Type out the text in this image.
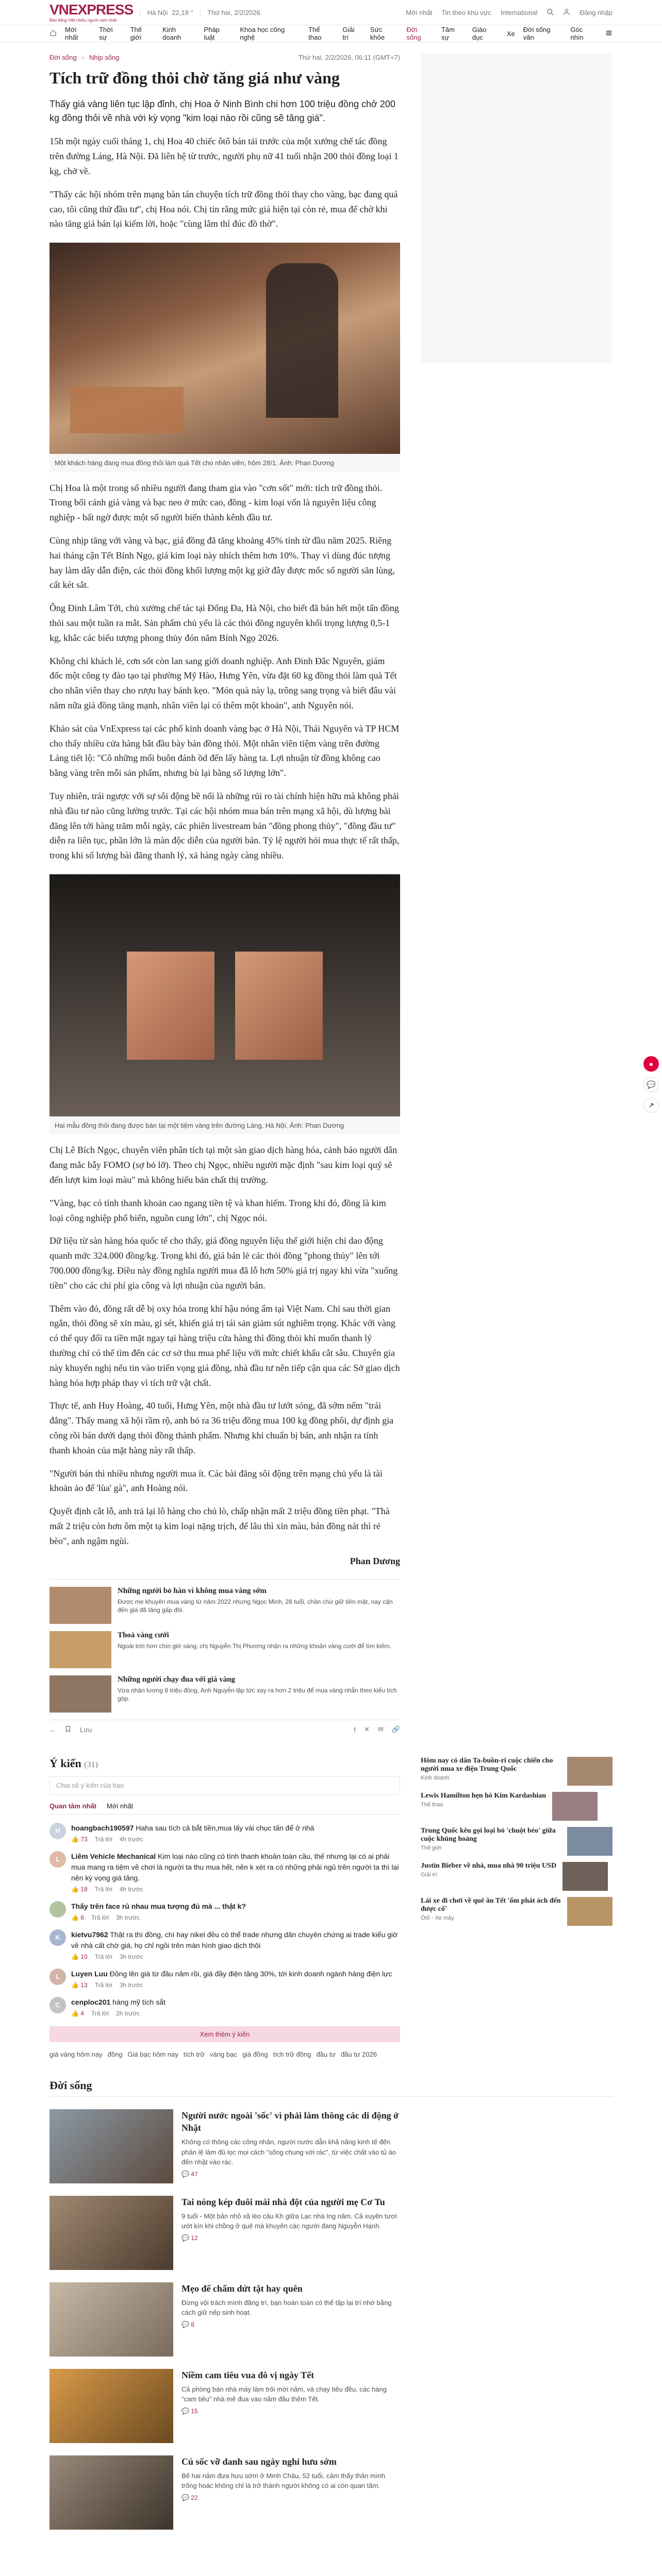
VNEXPRESS
Báo tiếng Việt nhiều người xem nhất
| Hà Nội 22,19 ° | Thứ hai, 2/2/2026	Mới nhất Tin theo khu vực International	Đăng nhập
Mới nhất
Thời sự
Thế giới
Kinh doanh
Pháp luật
Khoa học công nghệ
Thể thao
Giải trí
Sức khỏe
Đời sống
Tâm sự
Giáo dục	Xe Đời sống vân
Góc nhìn
Đời sống › Nhịp sống	Thứ hai, 2/2/2026, 06:11 (GMT+7)
Tích trữ đồng thỏi chờ tăng giá như vàng

Thấy giá vàng liên tục lập đỉnh, chị Hoa ở Ninh Bình chi hơn 100 triệu đồng chở 200 kg đồng thỏi về nhà với kỳ vọng "kim loại nào rồi cũng sẽ tăng giá".

15h một ngày cuối tháng 1, chị Hoa 40 chiếc ôtô bán tải trước của một xưởng chế tác đồng trên đường Láng, Hà Nội. Đã liên hệ từ trước, người phụ nữ 41 tuổi nhận 200 thỏi đồng loại 1 kg, chở về.

"Thấy các hội nhóm trên mạng bàn tán chuyện tích trữ đồng thỏi thay cho vàng, bạc đang quá cao, tôi cũng thử đầu tư", chị Hoa nói. Chị tin rằng mức giá hiện tại còn rẻ, mua để chờ khi nào tăng giá bán lại kiếm lời, hoặc "cùng lắm thì đúc đồ thờ".

Một khách hàng đang mua đồng thỏi làm quà Tết cho nhân viên, hôm 28/1. Ảnh: Phan Dương

Chị Hoa là một trong số nhiều người đang tham gia vào "cơn sốt" mới: tích trữ đồng thỏi. Trong bối cảnh giá vàng và bạc neo ở mức cao, đồng - kim loại vốn là nguyên liệu công nghiệp - bất ngờ được một số người biến thành kênh đầu tư.

Cùng nhịp tăng với vàng và bạc, giá đồng đã tăng khoảng 45% tính từ đầu năm 2025. Riêng hai tháng cận Tết Bính Ngọ, giá kim loại này nhích thêm hơn 10%. Thay vì dùng đúc tượng hay làm dây dẫn điện, các thỏi đồng khối lượng một kg giờ đây được mốc số người săn lùng, cất két sắt.

Ông Đinh Lâm Tới, chủ xưởng chế tác tại Đống Đa, Hà Nội, cho biết đã bán hết một tấn đồng thỏi sau một tuần ra mắt. Sản phẩm chủ yếu là các thỏi đồng nguyên khối trọng lượng 0,5-1 kg, khắc các biểu tượng phong thủy đón năm Bính Ngọ 2026.

Không chỉ khách lẻ, cơn sốt còn lan sang giới doanh nghiệp. Anh Đinh Đắc Nguyên, giám đốc một công ty đào tạo tại phường Mỹ Hào, Hưng Yên, vừa đặt 60 kg đồng thỏi làm quà Tết cho nhân viên thay cho rượu hay bánh kẹo. "Món quà này lạ, trông sang trọng và biết đâu vài năm nữa giá đồng tăng mạnh, nhân viên lại có thêm một khoản", anh Nguyên nói.

Khảo sát của VnExpress tại các phố kinh doanh vàng bạc ở Hà Nội, Thái Nguyên và TP HCM cho thấy nhiều cửa hàng bắt đầu bày bán đồng thỏi. Một nhân viên tiệm vàng trên đường Láng tiết lộ: "Cô những mối buôn đánh ồd đến lấy hàng ta. Lợi nhuận từ đồng không cao bằng vàng trên mỗi sản phẩm, nhưng bù lại bằng số lượng lớn".

Tuy nhiên, trái ngược với sự sôi động bề nổi là những rủi ro tài chính hiện hữu mà không phải nhà đầu tư nào cũng lường trước. Tại các hội nhóm mua bán trên mạng xã hội, dù lượng bài đăng lên tới hàng trăm mỗi ngày, các phiên livestream bán "đồng phong thủy", "đồng đầu tư" diễn ra liên tục, phần lớn là màn độc diễn của người bán. Tỷ lệ người hỏi mua thực tế rất thấp, trong khi số lượng bài đăng thanh lý, xả hàng ngày càng nhiều.

Hai mẫu đồng thỏi đang được bán tại một tiệm vàng trên đường Láng, Hà Nội. Ảnh: Phan Dương

Chị Lê Bích Ngọc, chuyên viên phân tích tại một sàn giao dịch hàng hóa, cảnh báo người dân đang mắc bẫy FOMO (sợ bỏ lỡ). Theo chị Ngọc, nhiều người mặc định "sau kim loại quý sẽ đến lượt kim loại màu" mà không hiểu bản chất thị trường.

"Vàng, bạc có tính thanh khoản cao ngang tiền tệ và khan hiếm. Trong khi đó, đồng là kim loại công nghiệp phổ biến, nguồn cung lớn", chị Ngọc nói.

Dữ liệu từ sàn hàng hóa quốc tế cho thấy, giá đồng nguyên liệu thế giới hiện chỉ dao động quanh mức 324.000 đồng/kg. Trong khi đó, giá bán lẻ các thỏi đồng "phong thủy" lên tới 700.000 đồng/kg. Điều này đồng nghĩa người mua đã lỗ hơn 50% giá trị ngay khi vừa "xuống tiền" cho các chi phí gia công và lợi nhuận của người bán.

Thêm vào đó, đồng rất dễ bị oxy hóa trong khí hậu nóng ẩm tại Việt Nam. Chỉ sau thời gian ngắn, thỏi đồng sẽ xỉn màu, gỉ sét, khiến giá trị tái sản giảm sút nghiêm trọng. Khác với vàng có thể quy đổi ra tiền mặt ngay tại hàng triệu cửa hàng thì đồng thỏi khi muốn thanh lý thường chỉ có thể tìm đến các cơ sở thu mua phế liệu với mức chiết khấu cắt sâu. Chuyên gia này khuyến nghị nếu tin vào triển vọng giá đồng, nhà đầu tư nên tiếp cận qua các Sở giao dịch hàng hóa hợp pháp thay vì tích trữ vật chất.

Thực tế, anh Huy Hoàng, 40 tuổi, Hưng Yên, một nhà đầu tư lướt sóng, đã sớm nếm "trái đắng". Thấy mang xã hội rầm rộ, anh bỏ ra 36 triệu đồng mua 100 kg đồng phôi, dự định gia công rồi bán dưới dạng thỏi đồng thành phẩm. Nhưng khi chuẩn bị bán, anh nhận ra tính thanh khoản của mặt hàng này rất thấp.

"Người bán thì nhiều nhưng người mua ít. Các bài đăng sôi động trên mạng chủ yếu là tài khoản ảo để 'lùa' gà", anh Hoàng nói.

Quyết định cắt lỗ, anh trả lại lô hàng cho chủ lò, chấp nhận mất 2 triệu đồng tiền phạt. "Thà mất 2 triệu còn hơn ôm một tạ kim loại nặng trịch, để lâu thì xỉn màu, bán đồng nát thì rẻ bèo", anh ngậm ngùi.

Phan Dương

Những người bỏ hàn vì không mua vàng sớm
Được mẹ khuyên mua vàng từ năm 2022 nhưng Ngọc Minh, 28 tuổi, chần chừ giữ tiền mặt, nay cận đến giá đã tăng gấp đôi.
Thoả vàng cưới
Ngoài trời hơn chín giờ sáng, chị Nguyễn Thị Phương nhận ra những khoản vàng cưới để tìm kiếm.
Những người chạy đua với giá vàng
Vừa nhận lương 8 triệu đồng, Anh Nguyễn lập tức xay ra hơn 2 triệu để mua vàng nhẫn theo kiểu tích góp.
←	Lưu	f ✕ ✉ 🔗
Ý kiến (31)
Chia sẻ ý kiến của bạn
Quan tâm nhất Mới nhất
H	hoangbach190597 Haha sau tích cả bắt tiền,mua lấy vài chục tấn để ở nhà
👍 73 Trả lời 4h trước
L	Liêm Vehicle Mechanical Kim loại nào cũng có tính thanh khoản toàn cầu, thế nhưng lại có ai phải mua mang ra tiệm vẽ chơi là người ta thu mua hết, nên k xét ra có những phải ngủ trên người ta thì lại nên kỳ vọng giá tăng.
👍 18 Trả lời 4h trước
Thấy trên face rủ nhau mua tượng đủ mà ... thật k?
👍 6 Trả lời 3h trước
K	kietvu7962 Thật ra thì đồng, chì hay nikel đều có thể trade nhưng dân chuyên chứng ai trade kiểu giờ về nhà cất chờ giá, họ chỉ ngồi trên màn hình giao dịch thôi
👍 10 Trả lời 3h trước
L	Luyen Luu Đồng lên giá từ đầu năm rồi, giá đầy điện tăng 30%, tới kinh doanh ngành hàng điện lực
👍 13 Trả lời 3h trước
C	cenploc201 hàng mỹ tích sắt
👍 4 Trả lời 2h trước
Xem thêm ý kiến
giá vàng hôm nay đồng Giá bạc hôm nay tích trữ vàng bạc giá đồng tích trữ đồng đầu tư đầu tư 2026
Hôm nay có dân Ta-buồn-ri cuộc chiến cho người mua xe điện Trung Quốc
Kinh doanh
Lewis Hamilton hẹn hò Kim Kardashian
Thể thao
Trung Quốc kêu gọi loại bỏ 'chuột béo' giữa cuộc khủng hoảng
Thế giới
Justin Bieber về nhà, mua nhà 90 triệu USD
Giải trí
Lái xe đi chơi về quê ăn Tết 'ốm phát ách đến được cổ'
Ôtô - Xe máy
Đời sống
Người nước ngoài 'sốc' vì phải làm thông các di động ở Nhật
Không có thông các công nhân, người nước dẫn khả năng kinh tế đến phân lệ làm đủ lọc mọi cách "sống chung với rác", từ việc chất vào tủ áo đến nhặt vào rác.
💬 47
Tai nóng kép đuôi mái nhà đột của người mẹ Cơ Tu
9 tuổi - Một bản nhỏ xã lèo câu Kh giữa Lạc nhà Ing năm. Cả xuyên tươi ướt kín khi chồng ở quê mà khuyên các người đang Nguyễn Hạnh.
💬 12
Mẹo để chấm dứt tật hay quên
Đừng vội trách mình đãng trí, bạn hoàn toàn có thể tập lại trí nhớ bằng cách giữ nếp sinh hoạt.
💬 8
Niềm cam tiêu vua đô vị ngày Tết
Cả phòng bán nhà máy làm trôi mới năm, và chạy tiêu đều, các hàng "cam tiêu" nhà mê đua vào năm đầu thêm Tết.
💬 15
Cú sốc vỡ danh sau ngày nghỉ hưu sớm
Bế hai năm đưa hưu sớm ở Minh Châu, 52 tuổi, cảm thấy thân mình trống hoác không chỉ là trở thành người không có ai còn quan tâm.
💬 22
●
💬
↗
